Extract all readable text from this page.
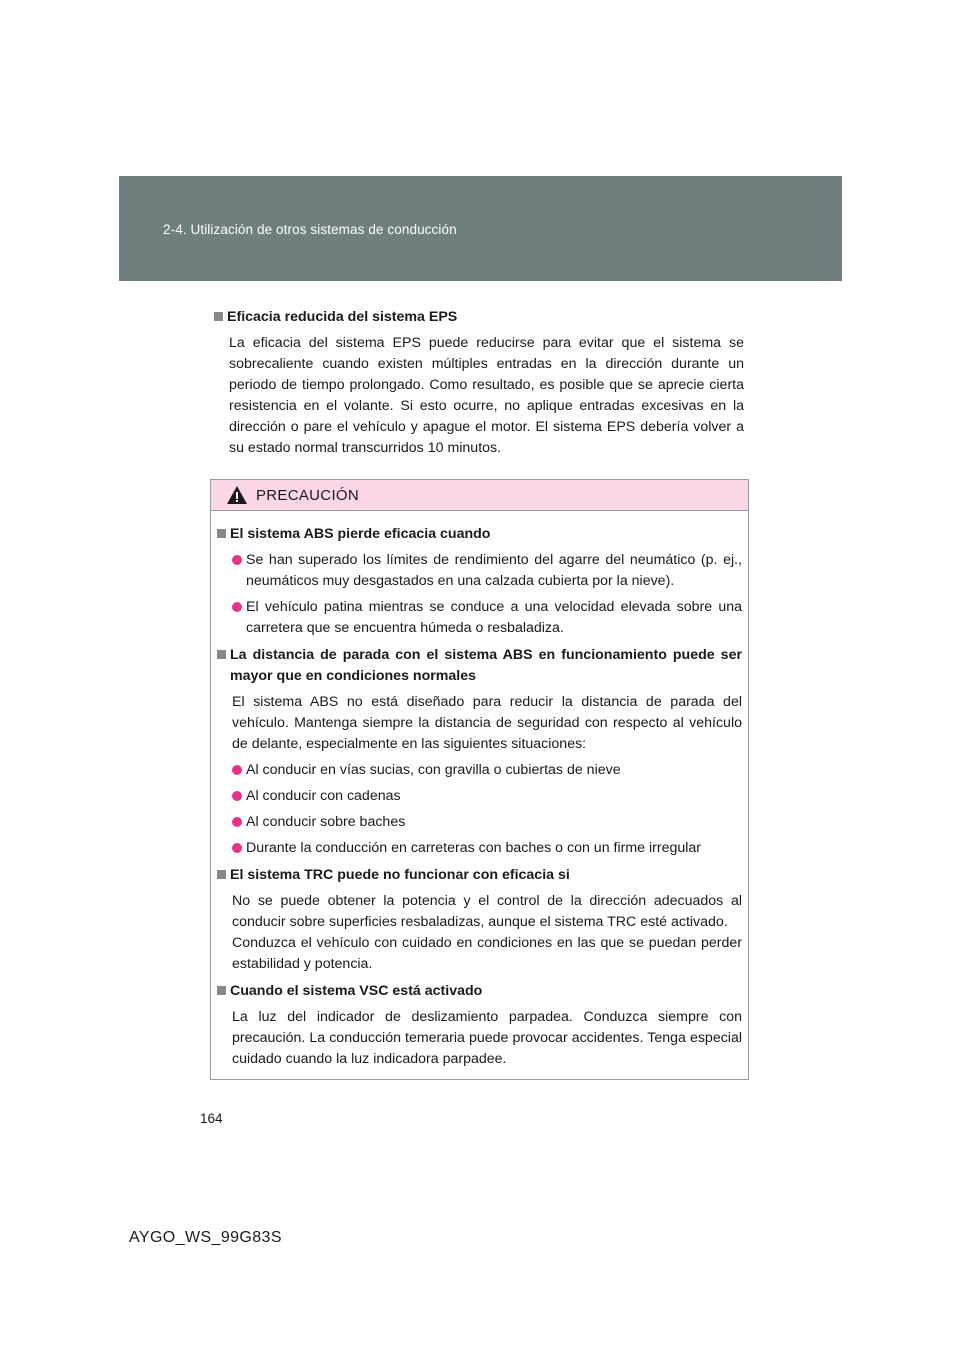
2-4. Utilización de otros sistemas de conducción
Eficacia reducida del sistema EPS

La eficacia del sistema EPS puede reducirse para evitar que el sistema se sobrecaliente cuando existen múltiples entradas en la dirección durante un periodo de tiempo prolongado. Como resultado, es posible que se aprecie cierta resistencia en el volante. Si esto ocurre, no aplique entradas excesivas en la dirección o pare el vehículo y apague el motor. El sistema EPS debería volver a su estado normal transcurridos 10 minutos.

PRECAUCIÓN
El sistema ABS pierde eficacia cuando
Se han superado los límites de rendimiento del agarre del neumático (p. ej., neumáticos muy desgastados en una calzada cubierta por la nieve).
El vehículo patina mientras se conduce a una velocidad elevada sobre una carretera que se encuentra húmeda o resbaladiza.
La distancia de parada con el sistema ABS en funcionamiento puede ser mayor que en condiciones normales

El sistema ABS no está diseñado para reducir la distancia de parada del vehículo. Mantenga siempre la distancia de seguridad con respecto al vehículo de delante, especialmente en las siguientes situaciones:

Al conducir en vías sucias, con gravilla o cubiertas de nieve
Al conducir con cadenas
Al conducir sobre baches
Durante la conducción en carreteras con baches o con un firme irregular
El sistema TRC puede no funcionar con eficacia si

No se puede obtener la potencia y el control de la dirección adecuados al conducir sobre superficies resbaladizas, aunque el sistema TRC esté activado.
Conduzca el vehículo con cuidado en condiciones en las que se puedan perder estabilidad y potencia.

Cuando el sistema VSC está activado

La luz del indicador de deslizamiento parpadea. Conduzca siempre con precaución. La conducción temeraria puede provocar accidentes. Tenga especial cuidado cuando la luz indicadora parpadee.

164
AYGO_WS_99G83S
